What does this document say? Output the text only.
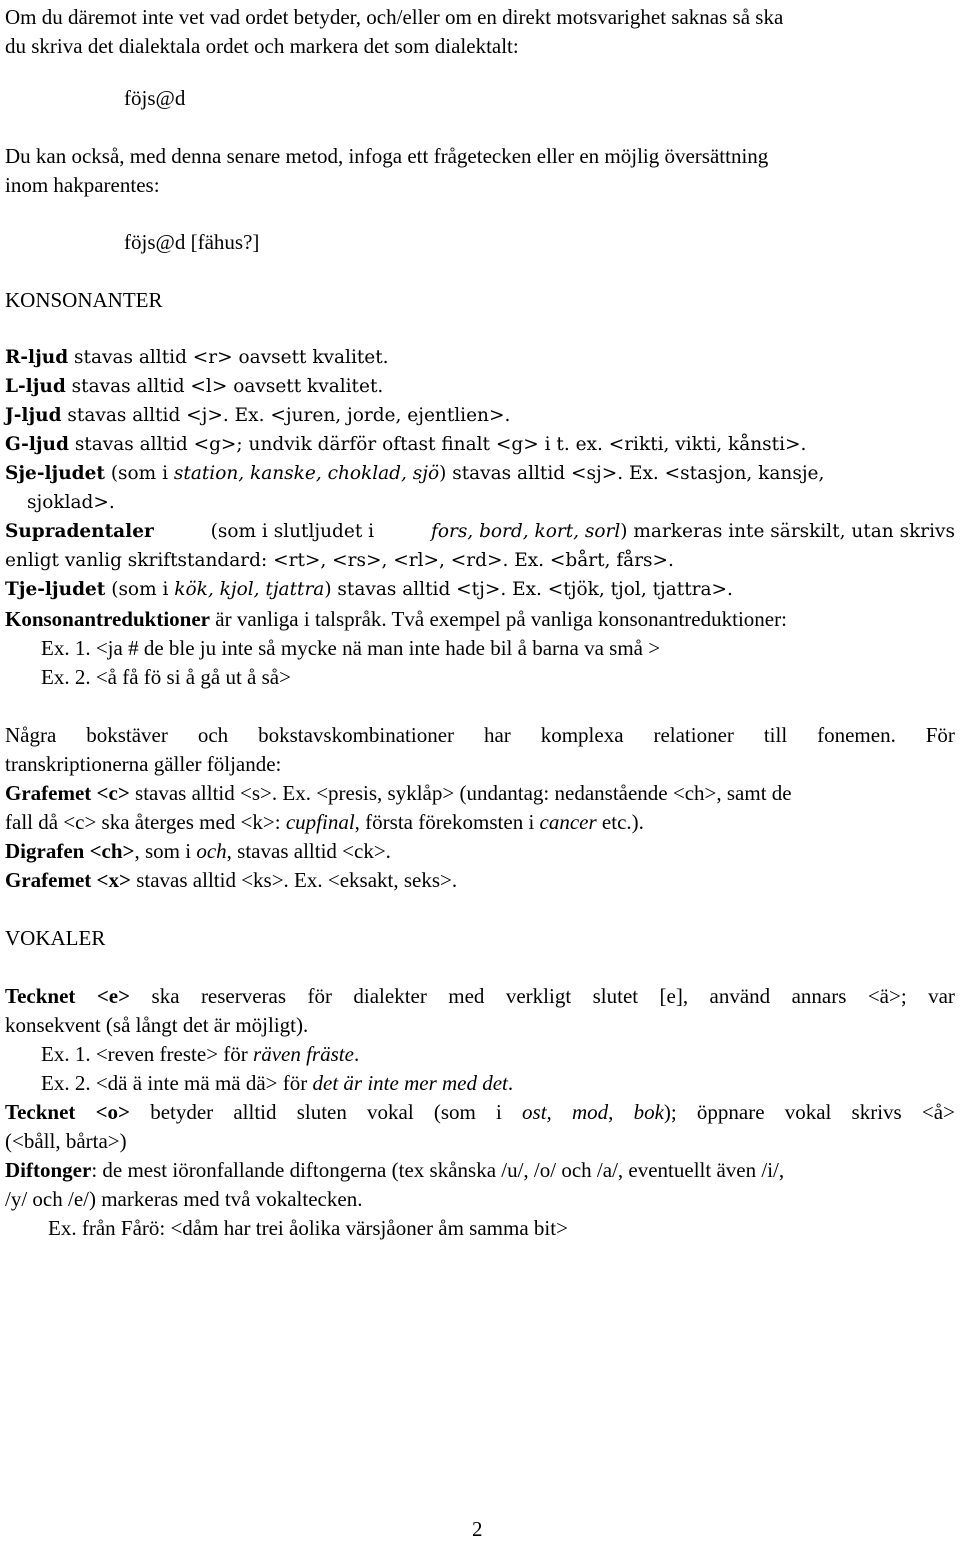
Om du däremot inte vet vad ordet betyder, och/eller om en direkt motsvarighet saknas så ska
du skriva det dialektala ordet och markera det som dialektalt:
föjs@d
Du kan också, med denna senare metod, infoga ett frågetecken eller en möjlig översättning
inom hakparentes:
föjs@d [fähus?]
KONSONANTER
R-ljud stavas alltid <r> oavsett kvalitet.
L-ljud stavas alltid <l> oavsett kvalitet.
J-ljud stavas alltid <j>. Ex. <juren, jorde, ejentlien>.
G-ljud stavas alltid <g>; undvik därför oftast finalt <g> i t. ex. <rikti, vikti, kånsti>.
Sje-ljudet (som i station, kanske, choklad, sjö) stavas alltid <sj>. Ex. <stasjon, kansje,
sjoklad>.
Supradentaler	(som i slutljudet i	fors, bord, kort, sorl) markeras inte särskilt, utan skrivs
enligt vanlig skriftstandard: <rt>, <rs>, <rl>, <rd>. Ex. <bårt, fårs>.
Tje-ljudet (som i kök, kjol, tjattra) stavas alltid <tj>. Ex. <tjök, tjol, tjattra>.
Konsonantreduktioner är vanliga i talspråk. Två exempel på vanliga konsonantreduktioner:
Ex. 1. <ja # de ble ju inte så mycke nä man inte hade bil å barna va små >
Ex. 2. <å få fö si å gå ut å så>
Några bokstäver och bokstavskombinationer har komplexa relationer till fonemen. För
transkriptionerna gäller följande:
Grafemet <c> stavas alltid <s>. Ex. <presis, syklåp> (undantag: nedanstående <ch>, samt de
fall då <c> ska återges med <k>: cupfinal, första förekomsten i cancer etc.).
Digrafen <ch>, som i och, stavas alltid <ck>.
Grafemet <x> stavas alltid <ks>. Ex. <eksakt, seks>.
VOKALER
Tecknet <e> ska reserveras för dialekter med verkligt slutet [e], använd annars <ä>; var
konsekvent (så långt det är möjligt).
Ex. 1. <reven freste> för räven fräste.
Ex. 2. <dä ä inte mä mä dä> för det är inte mer med det.
Tecknet <o> betyder alltid sluten vokal (som i ost, mod, bok); öppnare vokal skrivs <å>
(<båll, bårta>)
Diftonger: de mest iöronfallande diftongerna (tex skånska /u/, /o/ och /a/, eventuellt även /i/,
/y/ och /e/) markeras med två vokaltecken.
Ex. från Fårö: <dåm har trei åolika värsjåoner åm samma bit>
2
